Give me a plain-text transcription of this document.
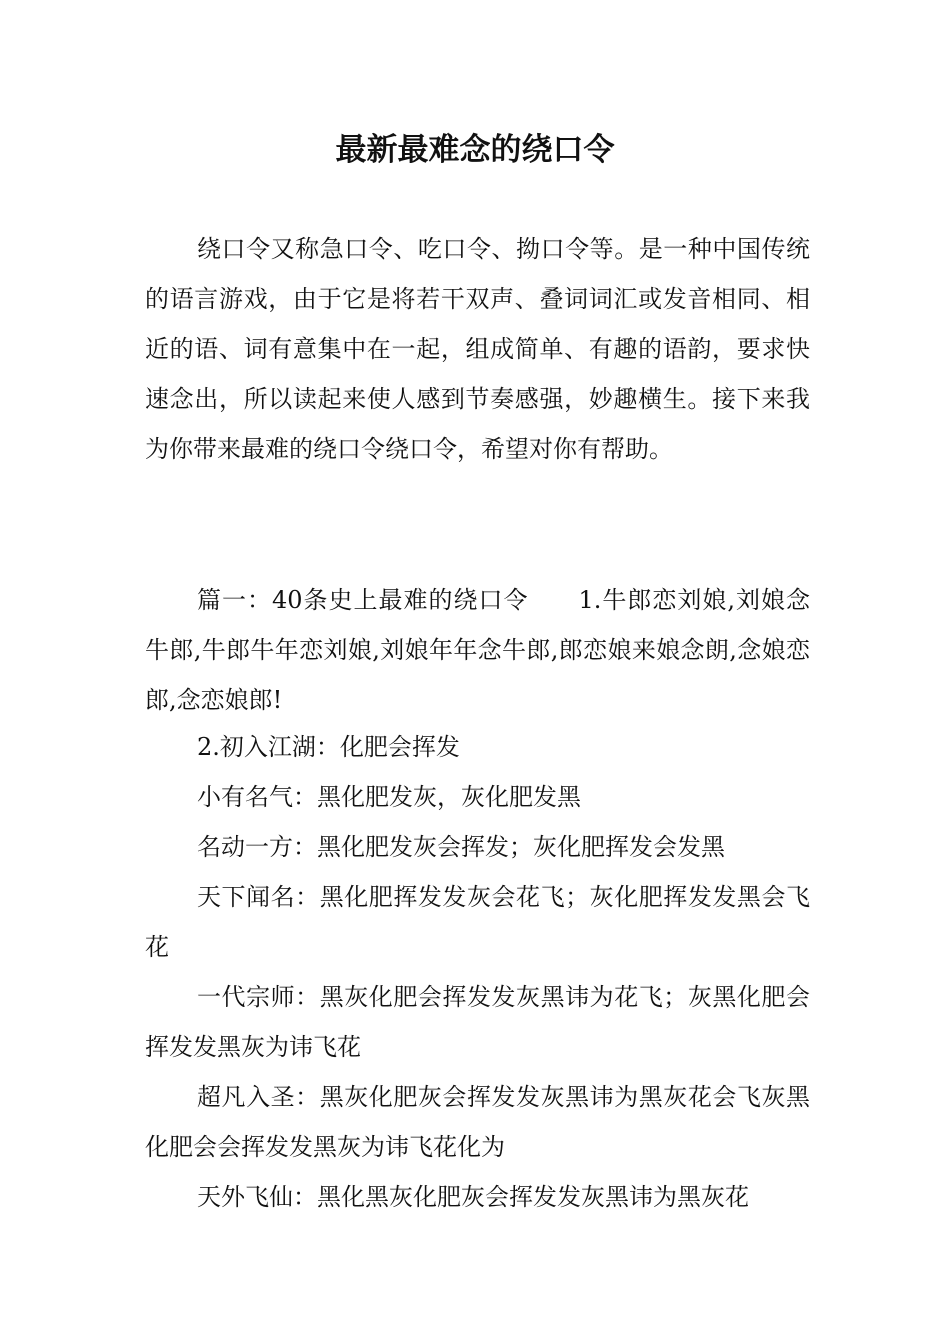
最新最难念的绕口令

绕口令又称急口令、吃口令、拗口令等。是一种中国传统的语言游戏，由于它是将若干双声、叠词词汇或发音相同、相近的语、词有意集中在一起，组成简单、有趣的语韵，要求快速念出，所以读起来使人感到节奏感强，妙趣横生。接下来我为你带来最难的绕口令绕口令，希望对你有帮助。

篇一：40条史上最难的绕口令　　1.牛郎恋刘娘,刘娘念牛郎,牛郎牛年恋刘娘,刘娘年年念牛郎,郎恋娘来娘念朗,念娘恋郎,念恋娘郎!

2.初入江湖：化肥会挥发

小有名气：黑化肥发灰，灰化肥发黑

名动一方：黑化肥发灰会挥发；灰化肥挥发会发黑

天下闻名：黑化肥挥发发灰会花飞；灰化肥挥发发黑会飞花

一代宗师：黑灰化肥会挥发发灰黑讳为花飞；灰黑化肥会挥发发黑灰为讳飞花

超凡入圣：黑灰化肥灰会挥发发灰黑讳为黑灰花会飞灰黑化肥会会挥发发黑灰为讳飞花化为

天外飞仙：黑化黑灰化肥灰会挥发发灰黑讳为黑灰花
